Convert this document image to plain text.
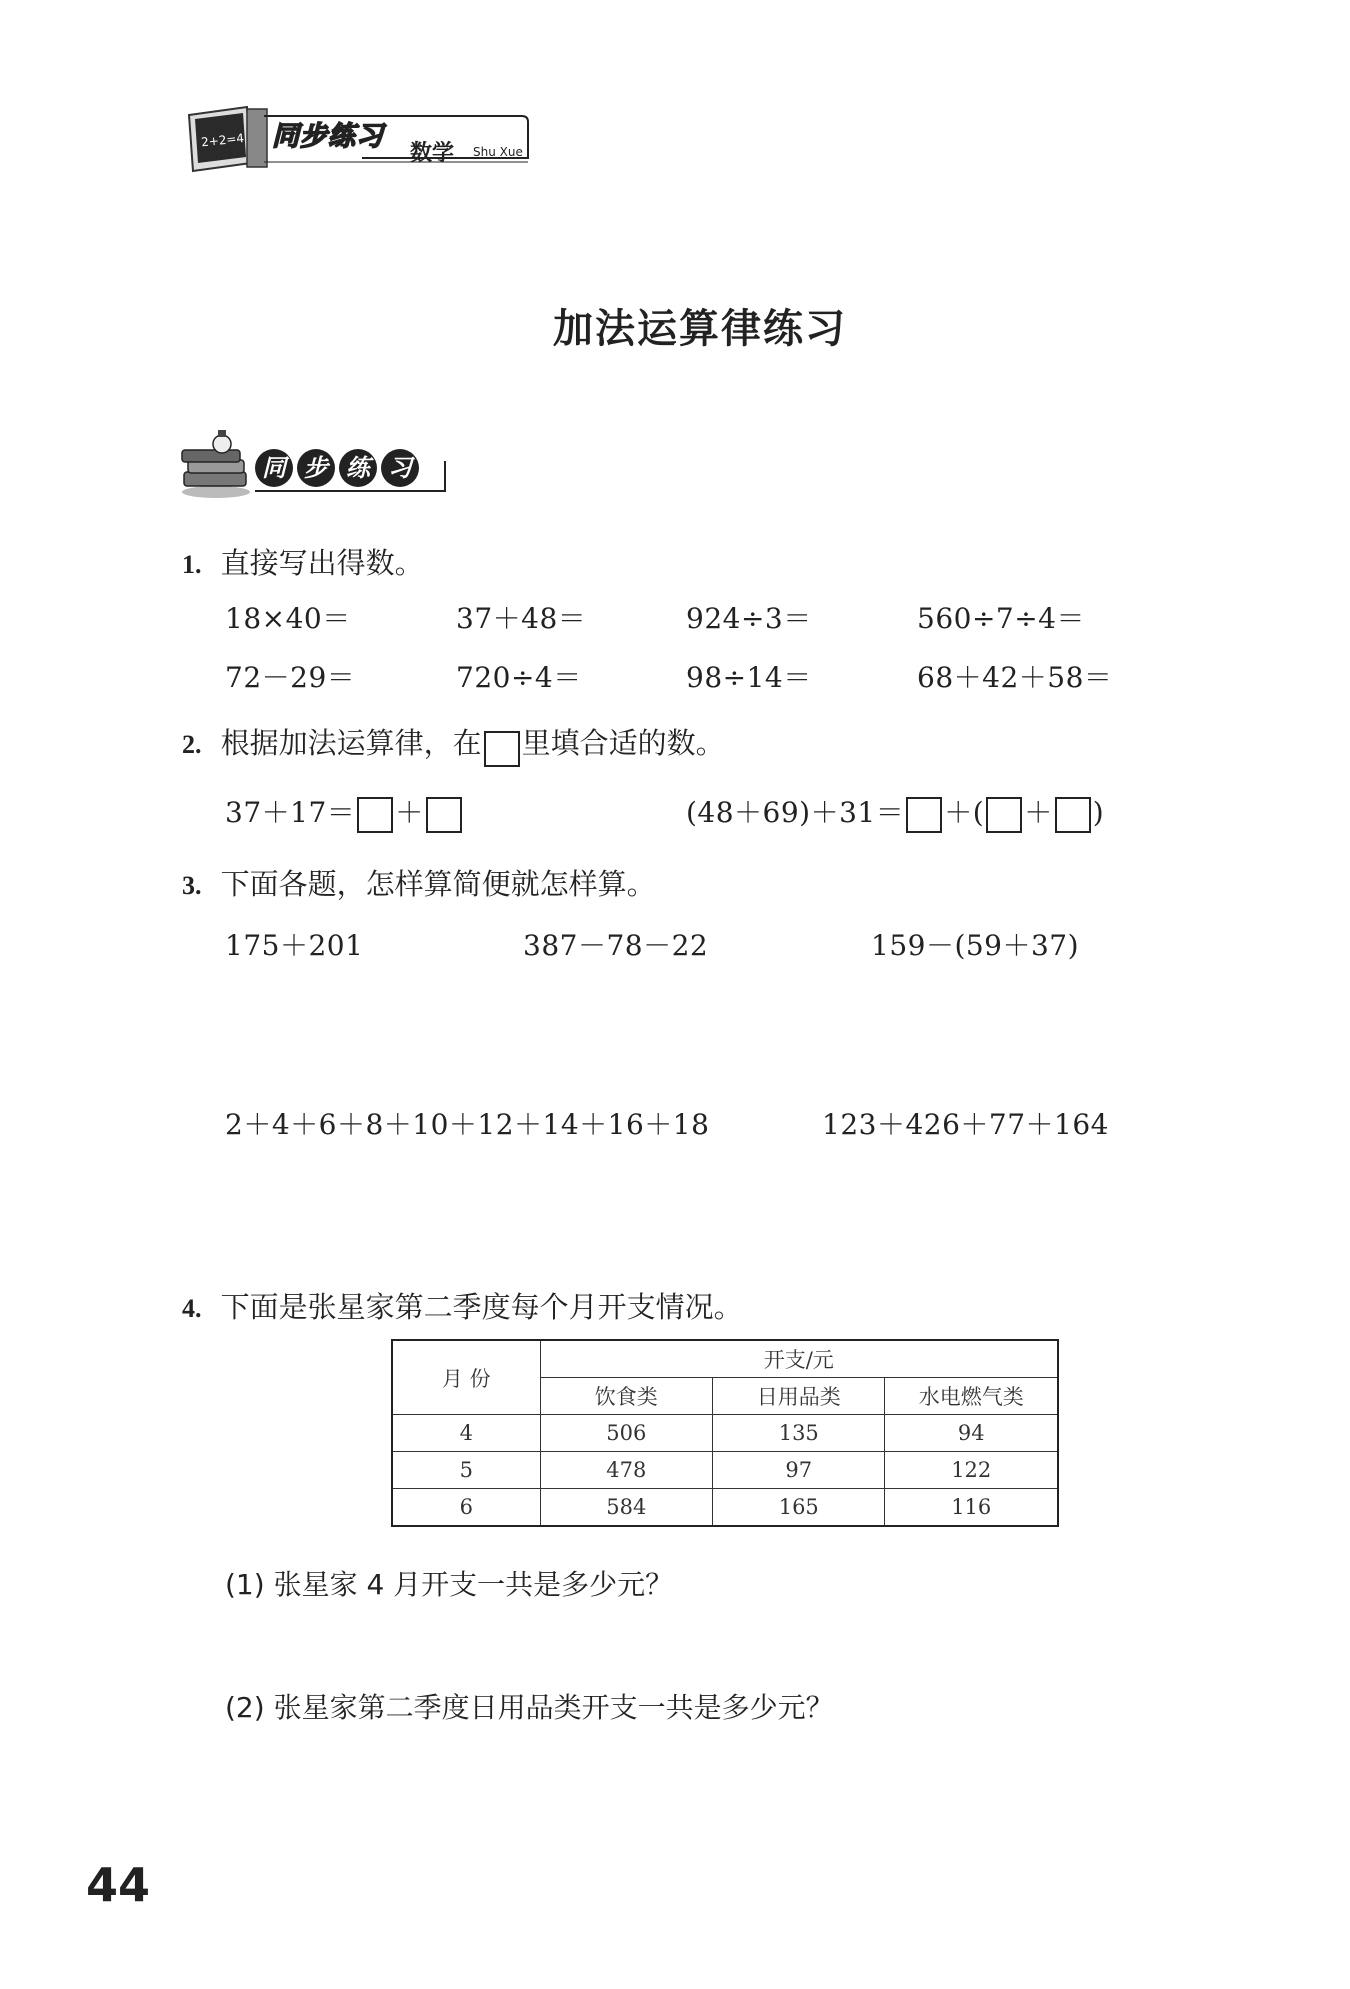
2+2=4 同步练习
数学 Shu Xue
加法运算律练习
同 步 练 习
1. 直接写出得数。
18×40＝	37＋48＝	924÷3＝	560÷7÷4＝
72－29＝	720÷4＝	98÷14＝	68＋42＋58＝
2. 根据加法运算律，在 里填合适的数。
37＋17＝ ＋	(48＋69)＋31＝ ＋( ＋ )
3. 下面各题，怎样算简便就怎样算。
175＋201	387－78－22	159－(59＋37)
2＋4＋6＋8＋10＋12＋14＋16＋18	123＋426＋77＋164
4. 下面是张星家第二季度每个月开支情况。
月 份	开支/元		
	饮食类	日用品类	水电燃气类
4	506	135	94
5	478	97	122
6	584	165	116
(1) 张星家 4 月开支一共是多少元？
(2) 张星家第二季度日用品类开支一共是多少元？
44
